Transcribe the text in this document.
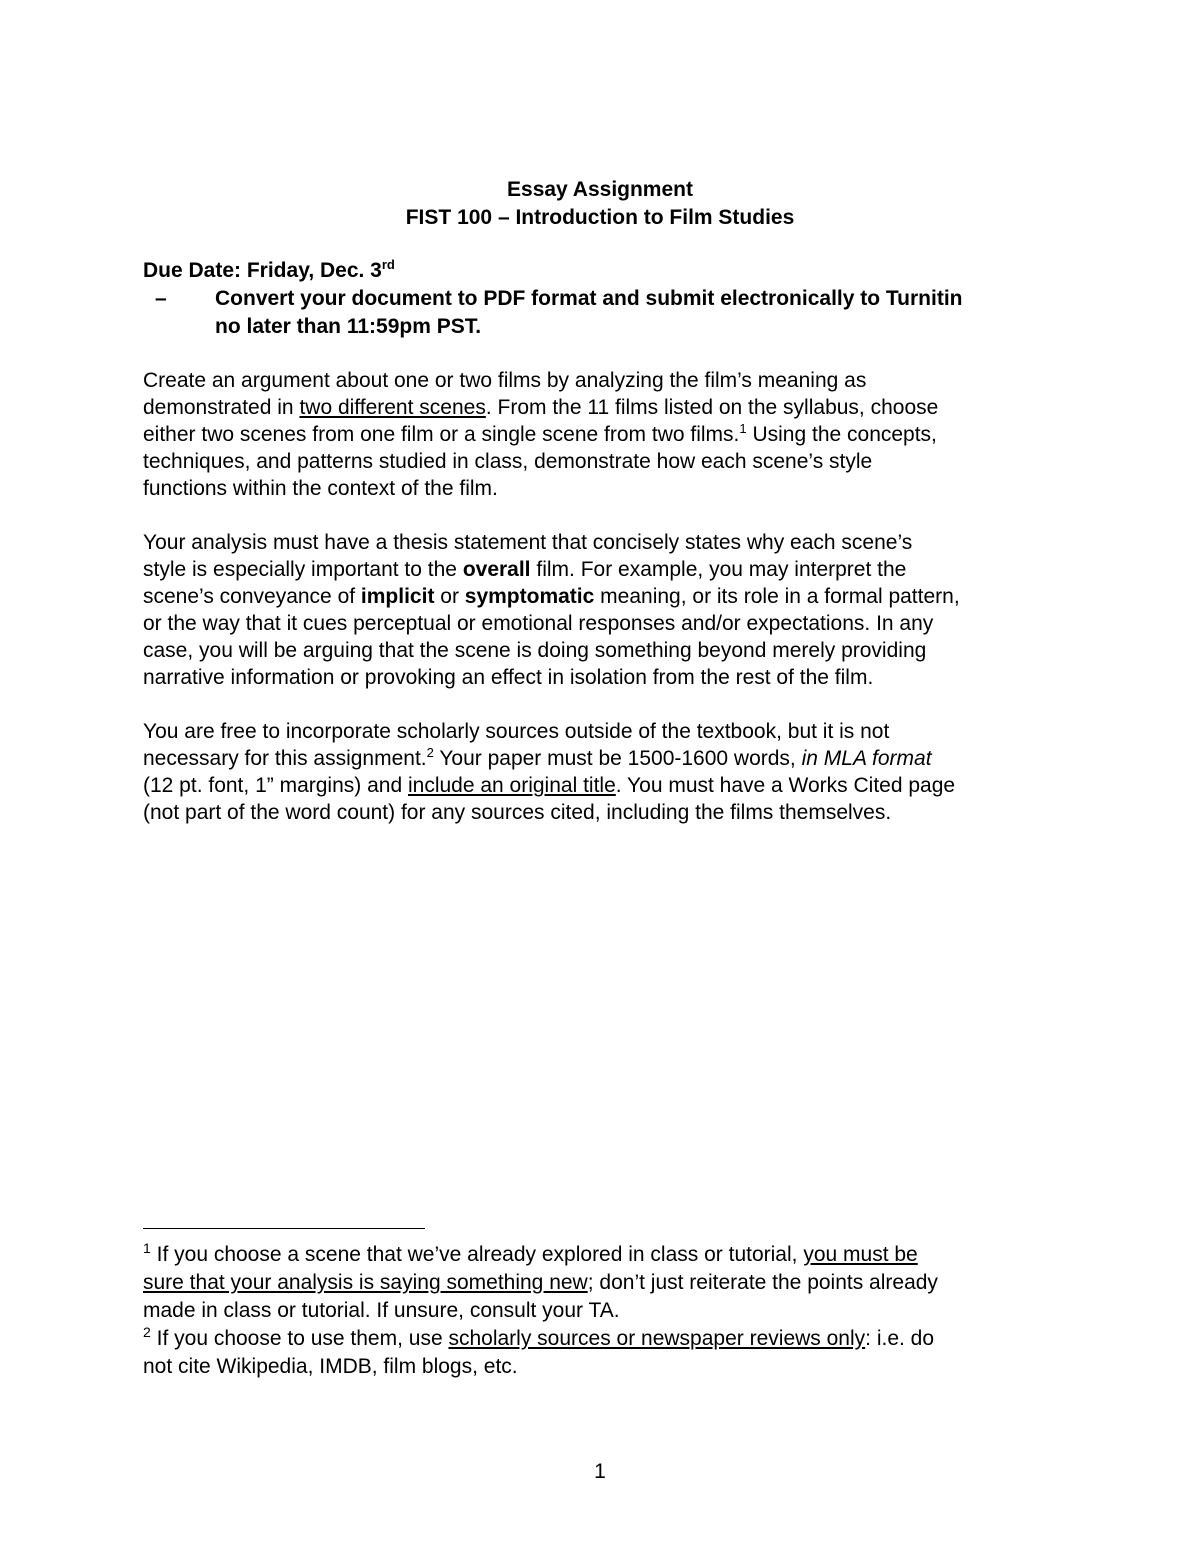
Essay Assignment
FIST 100 – Introduction to Film Studies
Due Date: Friday, Dec. 3rd
– Convert your document to PDF format and submit electronically to Turnitin
no later than 11:59pm PST.
Create an argument about one or two films by analyzing the film’s meaning as
demonstrated in two different scenes. From the 11 films listed on the syllabus, choose
either two scenes from one film or a single scene from two films.$^1$ Using the concepts,
techniques, and patterns studied in class, demonstrate how each scene’s style
functions within the context of the film.
Your analysis must have a thesis statement that concisely states why each scene’s
style is especially important to the overall film. For example, you may interpret the
scene’s conveyance of implicit or symptomatic meaning, or its role in a formal pattern,
or the way that it cues perceptual or emotional responses and/or expectations. In any
case, you will be arguing that the scene is doing something beyond merely providing
narrative information or provoking an effect in isolation from the rest of the film.
You are free to incorporate scholarly sources outside of the textbook, but it is not
necessary for this assignment.$^2$ Your paper must be 1500-1600 words, in MLA format
(12 pt. font, 1” margins) and include an original title. You must have a Works Cited page
(not part of the word count) for any sources cited, including the films themselves.
$^1$ If you choose a scene that we’ve already explored in class or tutorial, you must be
sure that your analysis is saying something new; don’t just reiterate the points already
made in class or tutorial. If unsure, consult your TA.
$^2$ If you choose to use them, use scholarly sources or newspaper reviews only: i.e. do
not cite Wikipedia, IMDB, film blogs, etc.
1
